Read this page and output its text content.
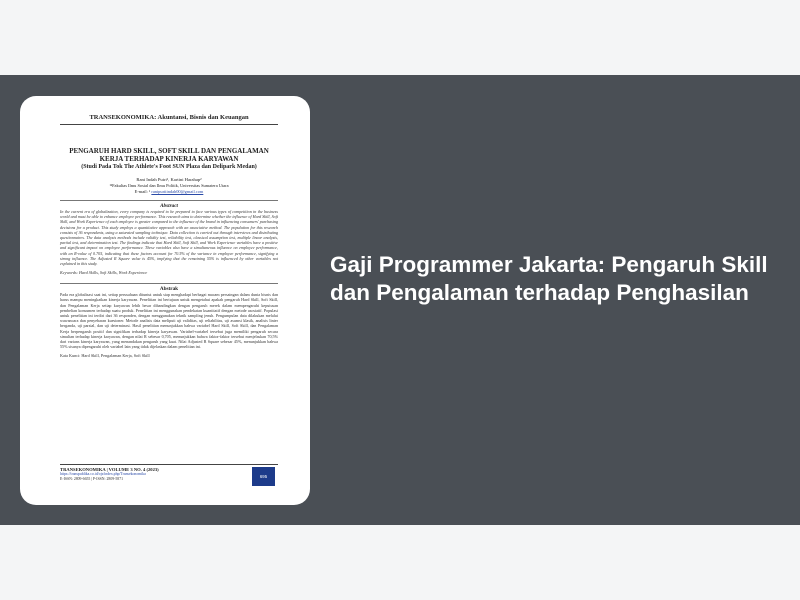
TRANSEKONOMIKA: Akuntansi, Bisnis dan Keuangan
PENGARUH HARD SKILL, SOFT SKILL DAN PENGALAMAN KERJA TERHADAP KINERJA KARYAWAN
(Studi Pada Tok The Athlete's Foot SUN Plaza dan Delipark Medan)
Rani Indah Putri¹, Kartini Harahap²
¹²Fakultas Ilmu Sosial dan Ilmu Politik, Universitas Sumatera Utara
E-mail: ¹ ranipurtiindah00@gmail.com
Abstract
In the current era of globalization, every company is required to be prepared to face various types of competition in the business world and must be able to enhance employee performance. This research aims to determine whether the influence of Hard Skill, Soft Skill, and Work Experience of each employee is greater compared to the influence of the brand in influencing consumers' purchasing decisions for a product. This study employs a quantitative approach with an associative method. The population for this research consists of 36 respondents, using a saturated sampling technique. Data collection is carried out through interviews and distributing questionnaires. The data analysis methods include validity test, reliability test, classical assumption test, multiple linear analysis, partial test, and determination test. The findings indicate that Hard Skill, Soft Skill, and Work Experience variables have a positive and significant impact on employee performance. These variables also have a simultaneous influence on employee performance, with an R-value of 0.705, indicating that these factors account for 70.5% of the variance in employee performance, signifying a strong influence. The Adjusted R Square value is 45%, implying that the remaining 55% is influenced by other variables not explained in this study.
Keywords: Hard Skills, Soft Skills, Work Experience
Abstrak
Pada era globalisasi saat ini, setiap perusahaan dituntut untuk siap menghadapi berbagai macam persaingan dalam dunia bisnis dan harus mampu meningkatkan kinerja karyawan. Penelitian ini bertujuan untuk mengetahui apakah pengaruh Hard Skill, Soft Skill, dan Pengalaman Kerja setiap karyawan lebih besar dibandingkan dengan pengaruh merek dalam mempengaruhi keputusan pembelian konsumen terhadap suatu produk. Penelitian ini menggunakan pendekatan kuantitatif dengan metode asosiatif. Populasi untuk penelitian ini terdiri dari 36 responden, dengan menggunakan teknik sampling jenuh. Pengumpulan data dilakukan melalui wawancara dan penyebaran kuesioner. Metode analisis data meliputi uji validitas, uji reliabilitas, uji asumsi klasik, analisis linier berganda, uji parsial, dan uji determinasi. Hasil penelitian menunjukkan bahwa variabel Hard Skill, Soft Skill, dan Pengalaman Kerja berpengaruh positif dan signifikan terhadap kinerja karyawan. Variabel-variabel tersebut juga memiliki pengaruh secara simultan terhadap kinerja karyawan, dengan nilai R sebesar 0,705, menunjukkan bahwa faktor-faktor tersebut menjelaskan 70,5% dari varians kinerja karyawan, yang menandakan pengaruh yang kuat. Nilai Adjusted R Square sebesar 45%, menunjukkan bahwa 55% sisanya dipengaruhi oleh variabel lain yang tidak dijelaskan dalam penelitian ini.
Kata Kunci: Hard Skill, Pengalaman Kerja, Soft Skill
TRANSEKONOMIKA | VOLUME 3 NO. 4 (2023)
https://transpublika.co.id/ojs/index.php/Transekonomika
E-ISSN: 2809-6655 | P-ISSN: 2809-5871	695
Gaji Programmer Jakarta: Pengaruh Skill dan Pengalaman terhadap Penghasilan
